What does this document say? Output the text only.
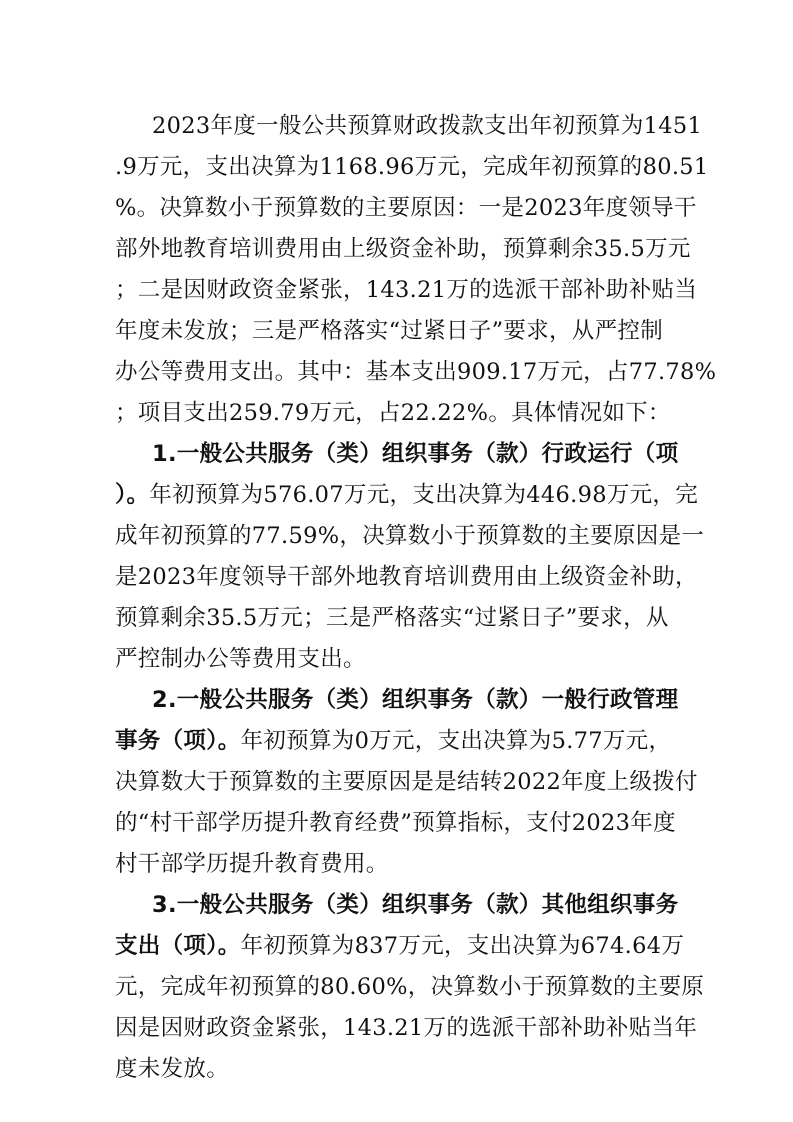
2023年度一般公共预算财政拨款支出年初预算为1451
.9万元，支出决算为1168.96万元，完成年初预算的80.51
%。决算数小于预算数的主要原因：一是2023年度领导干
部外地教育培训费用由上级资金补助，预算剩余35.5万元
；二是因财政资金紧张，143.21万的选派干部补助补贴当
年度未发放；三是严格落实“过紧日子”要求，从严控制
办公等费用支出。其中：基本支出909.17万元，占77.78%
；项目支出259.79万元，占22.22%。具体情况如下：
1.一般公共服务（类）组织事务（款）行政运行（项
）。年初预算为576.07万元，支出决算为446.98万元，完
成年初预算的77.59%，决算数小于预算数的主要原因是一
是2023年度领导干部外地教育培训费用由上级资金补助，
预算剩余35.5万元；三是严格落实“过紧日子”要求，从
严控制办公等费用支出。
2.一般公共服务（类）组织事务（款）一般行政管理
事务（项）。年初预算为0万元，支出决算为5.77万元，
决算数大于预算数的主要原因是是结转2022年度上级拨付
的“村干部学历提升教育经费”预算指标，支付2023年度
村干部学历提升教育费用。
3.一般公共服务（类）组织事务（款）其他组织事务
支出（项）。年初预算为837万元，支出决算为674.64万
元，完成年初预算的80.60%，决算数小于预算数的主要原
因是因财政资金紧张，143.21万的选派干部补助补贴当年
度未发放。
